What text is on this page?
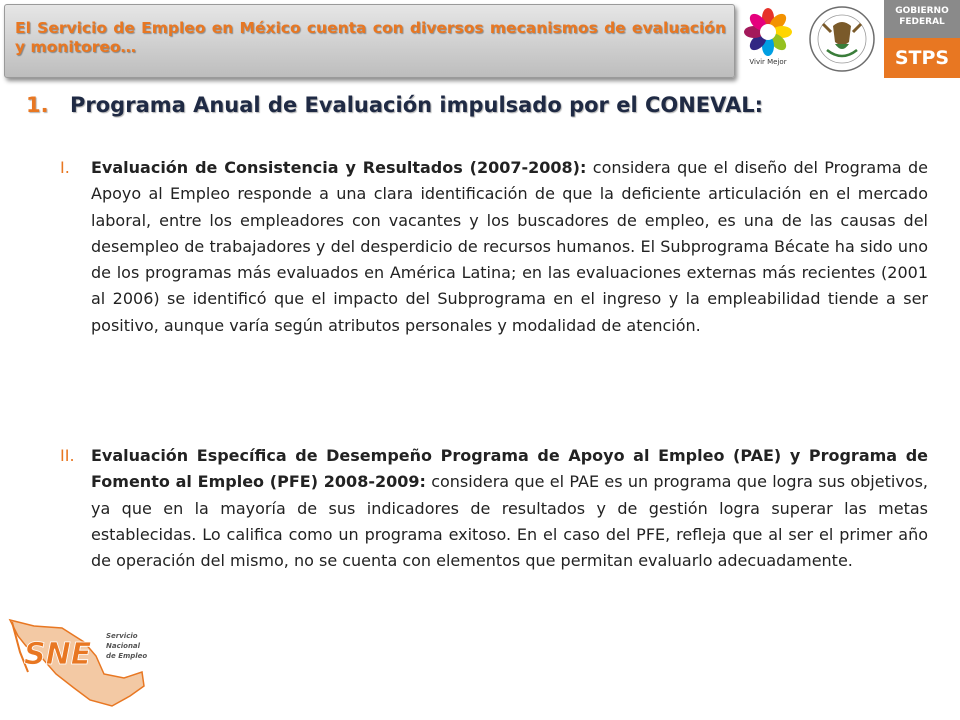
El Servicio de Empleo en México cuenta con diversos mecanismos de evaluación y monitoreo…
Vivir Mejor
GOBIERNO
FEDERAL
STPS
1. Programa Anual de Evaluación impulsado por el CONEVAL:
I. Evaluación de Consistencia y Resultados (2007-2008): considera que el diseño del Programa de Apoyo al Empleo responde a una clara identificación de que la deficiente articulación en el mercado laboral, entre los empleadores con vacantes y los buscadores de empleo, es una de las causas del desempleo de trabajadores y del desperdicio de recursos humanos. El Subprograma Bécate ha sido uno de los programas más evaluados en América Latina; en las evaluaciones externas más recientes (2001 al 2006) se identificó que el impacto del Subprograma en el ingreso y la empleabilidad tiende a ser positivo, aunque varía según atributos personales y modalidad de atención.
II. Evaluación Específica de Desempeño Programa de Apoyo al Empleo (PAE) y Programa de Fomento al Empleo (PFE) 2008-2009: considera que el PAE es un programa que logra sus objetivos, ya que en la mayoría de sus indicadores de resultados y de gestión logra superar las metas establecidas. Lo califica como un programa exitoso. En el caso del PFE, refleja que al ser el primer año de operación del mismo, no se cuenta con elementos que permitan evaluarlo adecuadamente.
SNE
Servicio
Nacional
de Empleo
